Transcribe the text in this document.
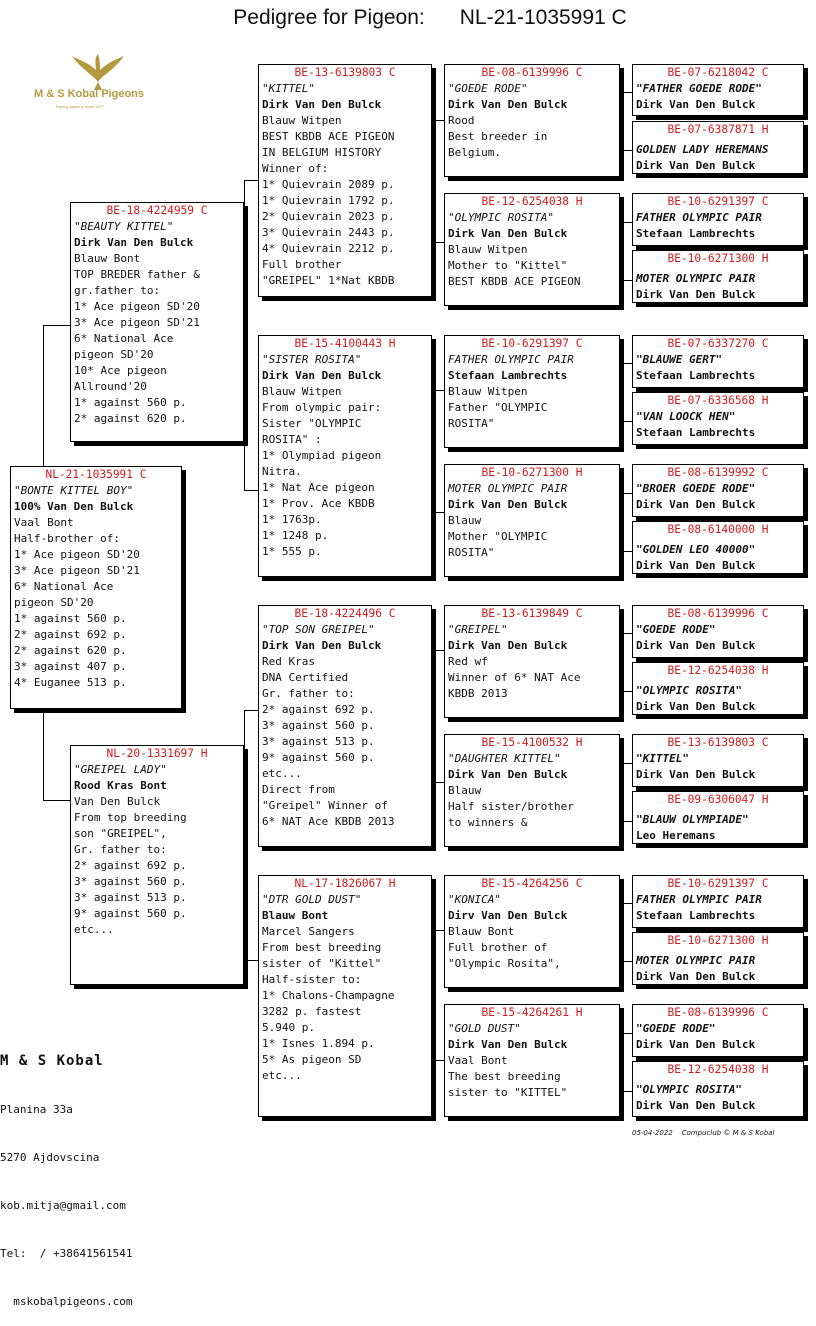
Pedigree for Pigeon: NL-21-1035991 C
M & S Kobal Pigeons
Racing pigeons since 1977
NL-21-1035991 C
"BONTE KITTEL BOY"
100% Van Den Bulck
Vaal Bont
Half-brother of:
1* Ace pigeon SD'20
3* Ace pigeon SD'21
6* National Ace
pigeon SD'20
1* against 560 p.
2* against 692 p.
2* against 620 p.
3* against 407 p.
4* Euganee 513 p.
BE-18-4224959 C
"BEAUTY KITTEL"
Dirk Van Den Bulck
Blauw Bont
TOP BREDER father &
gr.father to:
1* Ace pigeon SD'20
3* Ace pigeon SD'21
6* National Ace
pigeon SD'20
10* Ace pigeon
Allround'20
1* against 560 p.
2* against 620 p.
NL-20-1331697 H
"GREIPEL LADY"
Rood Kras Bont
Van Den Bulck
From top breeding
son "GREIPEL",
Gr. father to:
2* against 692 p.
3* against 560 p.
3* against 513 p.
9* against 560 p.
etc...
BE-13-6139803 C
"KITTEL"
Dirk Van Den Bulck
Blauw Witpen
BEST KBDB ACE PIGEON
IN BELGIUM HISTORY
Winner of:
1* Quievrain 2089 p.
1* Quievrain 1792 p.
2* Quievrain 2023 p.
3* Quievrain 2443 p.
4* Quievrain 2212 p.
Full brother
"GREIPEL" 1*Nat KBDB
BE-15-4100443 H
"SISTER ROSITA"
Dirk Van Den Bulck
Blauw Witpen
From olympic pair:
Sister "OLYMPIC
ROSITA" :
1* Olympiad pigeon
Nitra.
1* Nat Ace pigeon
1* Prov. Ace KBDB
1* 1763p.
1* 1248 p.
1* 555 p.
BE-18-4224496 C
"TOP SON GREIPEL"
Dirk Van Den Bulck
Red Kras
DNA Certified
Gr. father to:
2* against 692 p.
3* against 560 p.
3* against 513 p.
9* against 560 p.
etc...
Direct from
"Greipel" Winner of
6* NAT Ace KBDB 2013
NL-17-1826067 H
"DTR GOLD DUST"
Blauw Bont
Marcel Sangers
From best breeding
sister of "Kittel"
Half-sister to:
1* Chalons-Champagne
3282 p. fastest
5.940 p.
1* Isnes 1.894 p.
5* As pigeon SD
etc...
BE-08-6139996 C
"GOEDE RODE"
Dirk Van Den Bulck
Rood
Best breeder in
Belgium.
BE-12-6254038 H
"OLYMPIC ROSITA"
Dirk Van Den Bulck
Blauw Witpen
Mother to "Kittel"
BEST KBDB ACE PIGEON
BE-10-6291397 C
FATHER OLYMPIC PAIR
Stefaan Lambrechts
Blauw Witpen
Father "OLYMPIC
ROSITA"
BE-10-6271300 H
MOTER OLYMPIC PAIR
Dirk Van Den Bulck
Blauw
Mother "OLYMPIC
ROSITA"
BE-13-6139849 C
"GREIPEL"
Dirk Van Den Bulck
Red wf
Winner of 6* NAT Ace
KBDB 2013
BE-15-4100532 H
"DAUGHTER KITTEL"
Dirk Van Den Bulck
Blauw
Half sister/brother
to winners &
BE-15-4264256 C
"KONICA"
Dirv Van Den Bulck
Blauw Bont
Full brother of
"Olympic Rosita",
BE-15-4264261 H
"GOLD DUST"
Dirk Van Den Bulck
Vaal Bont
The best breeding
sister to "KITTEL"
BE-07-6218042 C
"FATHER GOEDE RODE"
Dirk Van Den Bulck
BE-07-6387871 H
GOLDEN LADY HEREMANS
Dirk Van Den Bulck
BE-10-6291397 C
FATHER OLYMPIC PAIR
Stefaan Lambrechts
BE-10-6271300 H
MOTER OLYMPIC PAIR
Dirk Van Den Bulck
BE-07-6337270 C
"BLAUWE GERT"
Stefaan Lambrechts
BE-07-6336568 H
"VAN LOOCK HEN"
Stefaan Lambrechts
BE-08-6139992 C
"BROER GOEDE RODE"
Dirk Van Den Bulck
BE-08-6140000 H
"GOLDEN LEO 40000"
Dirk Van Den Bulck
BE-08-6139996 C
"GOEDE RODE"
Dirk Van Den Bulck
BE-12-6254038 H
"OLYMPIC ROSITA"
Dirk Van Den Bulck
BE-13-6139803 C
"KITTEL"
Dirk Van Den Bulck
BE-09-6306047 H
"BLAUW OLYMPIADE"
Leo Heremans
BE-10-6291397 C
FATHER OLYMPIC PAIR
Stefaan Lambrechts
BE-10-6271300 H
MOTER OLYMPIC PAIR
Dirk Van Den Bulck
BE-08-6139996 C
"GOEDE RODE"
Dirk Van Den Bulck
BE-12-6254038 H
"OLYMPIC ROSITA"
Dirk Van Den Bulck

M & S Kobal

Planina 33a

5270 Ajdovscina

kob.mitja@gmail.com

Tel:  / +38641561541

mskobalpigeons.com

05-04-2022    Compuclub © M & S Kobal
